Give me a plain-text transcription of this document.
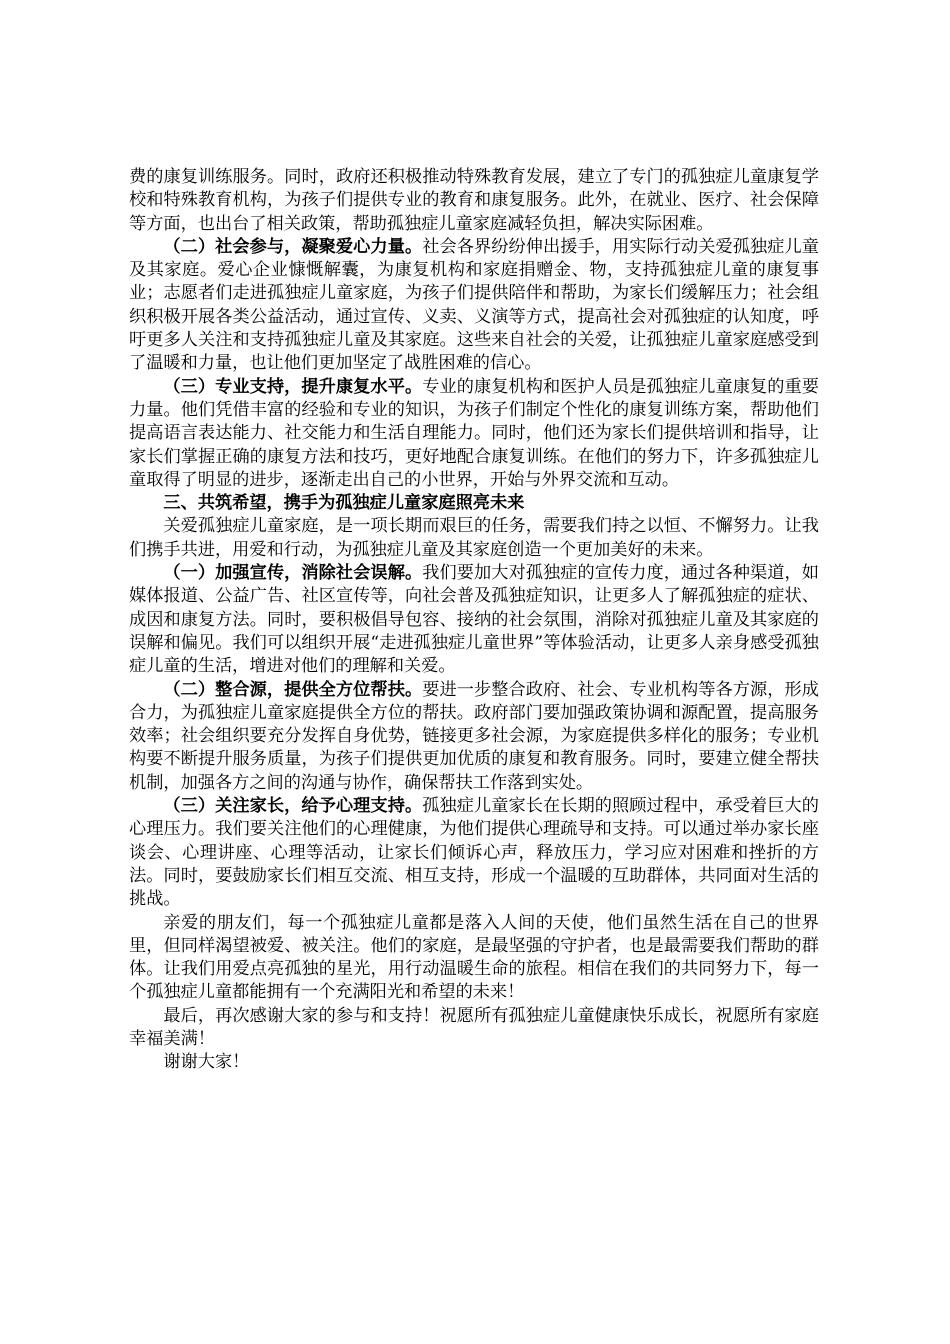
费的康复训练服务。同时，政府还积极推动特殊教育发展，建立了专门的孤独症儿童康复学校和特殊教育机构，为孩子们提供专业的教育和康复服务。此外，在就业、医疗、社会保障等方面，也出台了相关政策，帮助孤独症儿童家庭减轻负担，解决实际困难。

（二）社会参与，凝聚爱心力量。社会各界纷纷伸出援手，用实际行动关爱孤独症儿童及其家庭。爱心企业慷慨解囊，为康复机构和家庭捐赠金、物，支持孤独症儿童的康复事业；志愿者们走进孤独症儿童家庭，为孩子们提供陪伴和帮助，为家长们缓解压力；社会组织积极开展各类公益活动，通过宣传、义卖、义演等方式，提高社会对孤独症的认知度，呼吁更多人关注和支持孤独症儿童及其家庭。这些来自社会的关爱，让孤独症儿童家庭感受到了温暖和力量，也让他们更加坚定了战胜困难的信心。

（三）专业支持，提升康复水平。专业的康复机构和医护人员是孤独症儿童康复的重要力量。他们凭借丰富的经验和专业的知识，为孩子们制定个性化的康复训练方案，帮助他们提高语言表达能力、社交能力和生活自理能力。同时，他们还为家长们提供培训和指导，让家长们掌握正确的康复方法和技巧，更好地配合康复训练。在他们的努力下，许多孤独症儿童取得了明显的进步，逐渐走出自己的小世界，开始与外界交流和互动。

三、共筑希望，携手为孤独症儿童家庭照亮未来

关爱孤独症儿童家庭，是一项长期而艰巨的任务，需要我们持之以恒、不懈努力。让我们携手共进，用爱和行动，为孤独症儿童及其家庭创造一个更加美好的未来。

（一）加强宣传，消除社会误解。我们要加大对孤独症的宣传力度，通过各种渠道，如媒体报道、公益广告、社区宣传等，向社会普及孤独症知识，让更多人了解孤独症的症状、成因和康复方法。同时，要积极倡导包容、接纳的社会氛围，消除对孤独症儿童及其家庭的误解和偏见。我们可以组织开展“走进孤独症儿童世界”等体验活动，让更多人亲身感受孤独症儿童的生活，增进对他们的理解和关爱。

（二）整合源，提供全方位帮扶。要进一步整合政府、社会、专业机构等各方源，形成合力，为孤独症儿童家庭提供全方位的帮扶。政府部门要加强政策协调和源配置，提高服务效率；社会组织要充分发挥自身优势，链接更多社会源，为家庭提供多样化的服务；专业机构要不断提升服务质量，为孩子们提供更加优质的康复和教育服务。同时，要建立健全帮扶机制，加强各方之间的沟通与协作，确保帮扶工作落到实处。

（三）关注家长，给予心理支持。孤独症儿童家长在长期的照顾过程中，承受着巨大的心理压力。我们要关注他们的心理健康，为他们提供心理疏导和支持。可以通过举办家长座谈会、心理讲座、心理等活动，让家长们倾诉心声，释放压力，学习应对困难和挫折的方法。同时，要鼓励家长们相互交流、相互支持，形成一个温暖的互助群体，共同面对生活的挑战。

亲爱的朋友们，每一个孤独症儿童都是落入人间的天使，他们虽然生活在自己的世界里，但同样渴望被爱、被关注。他们的家庭，是最坚强的守护者，也是最需要我们帮助的群体。让我们用爱点亮孤独的星光，用行动温暖生命的旅程。相信在我们的共同努力下，每一个孤独症儿童都能拥有一个充满阳光和希望的未来！

最后，再次感谢大家的参与和支持！祝愿所有孤独症儿童健康快乐成长，祝愿所有家庭幸福美满！

谢谢大家！
